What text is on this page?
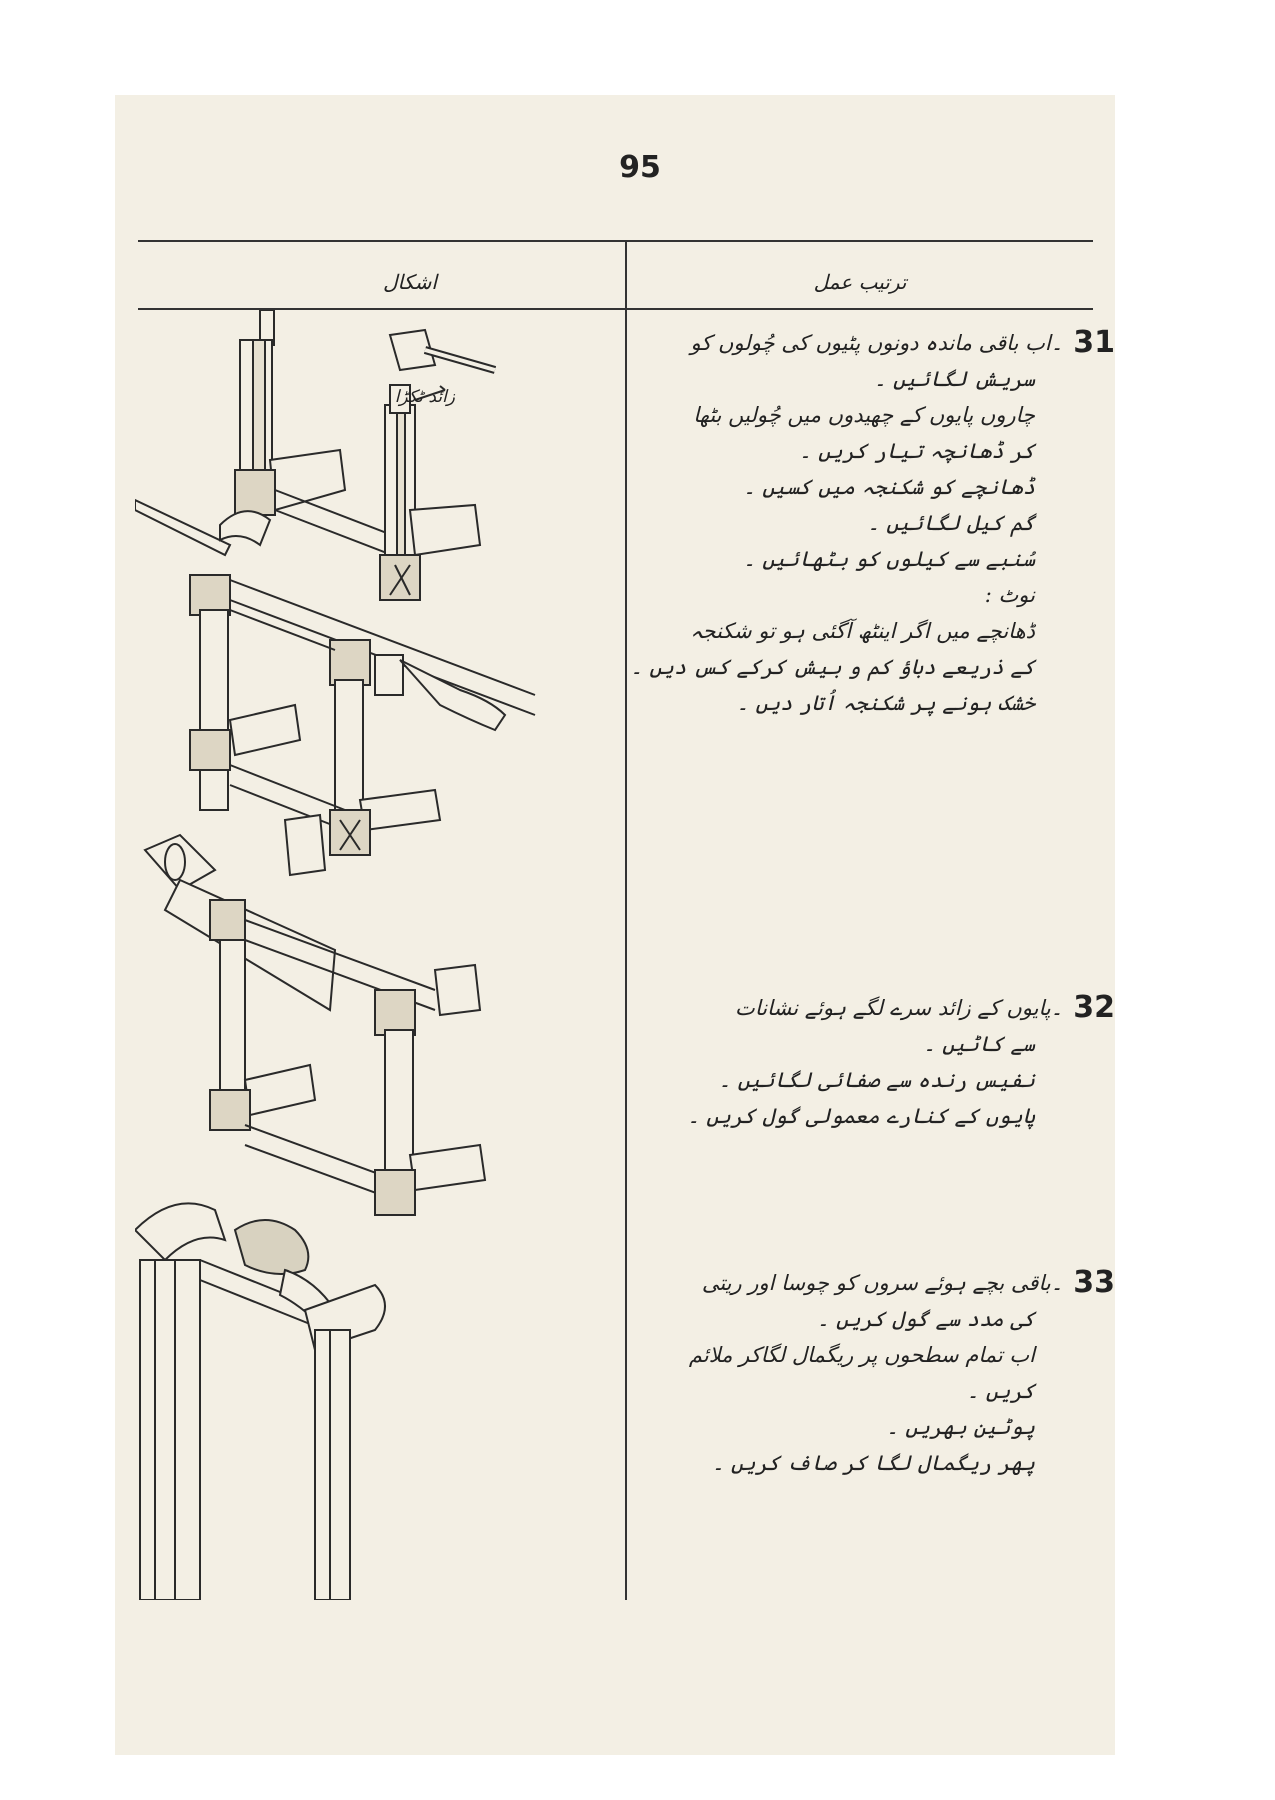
95
ترتیب عمل
اشکال
زائد ٹکڑا
31
۔اب باقی ماندہ دونوں پٹیوں کی چُولوں کو
سریش لگائیں ۔
چاروں پایوں کے چھیدوں میں چُولیں بٹھا
کر ڈھانچہ تیار کریں ۔
ڈھانچے کو شکنجہ میں کسیں ۔
گم کیل لگائیں ۔
سُنبے سے کیلوں کو بٹھائیں ۔
نوٹ :
ڈھانچے میں اگر اینٹھ آگئی ہو تو شکنجہ
کے ذریعے دباؤ کم و بیش کرکے کس دیں ۔
خشک ہونے پر شکنجہ اُتار دیں ۔
32
۔پایوں کے زائد سرے لگے ہوئے نشانات
سے کاٹیں ۔
نفیس رندہ سے صفائی لگائیں ۔
پایوں کے کنارے معمولی گول کریں ۔
33
۔باقی بچے ہوئے سروں کو چوسا اور ریتی
کی مدد سے گول کریں ۔
اب تمام سطحوں پر ریگمال لگاکر ملائم
کریں ۔
پوٹین بھریں ۔
پھر ریگمال لگا کر صاف کریں ۔
